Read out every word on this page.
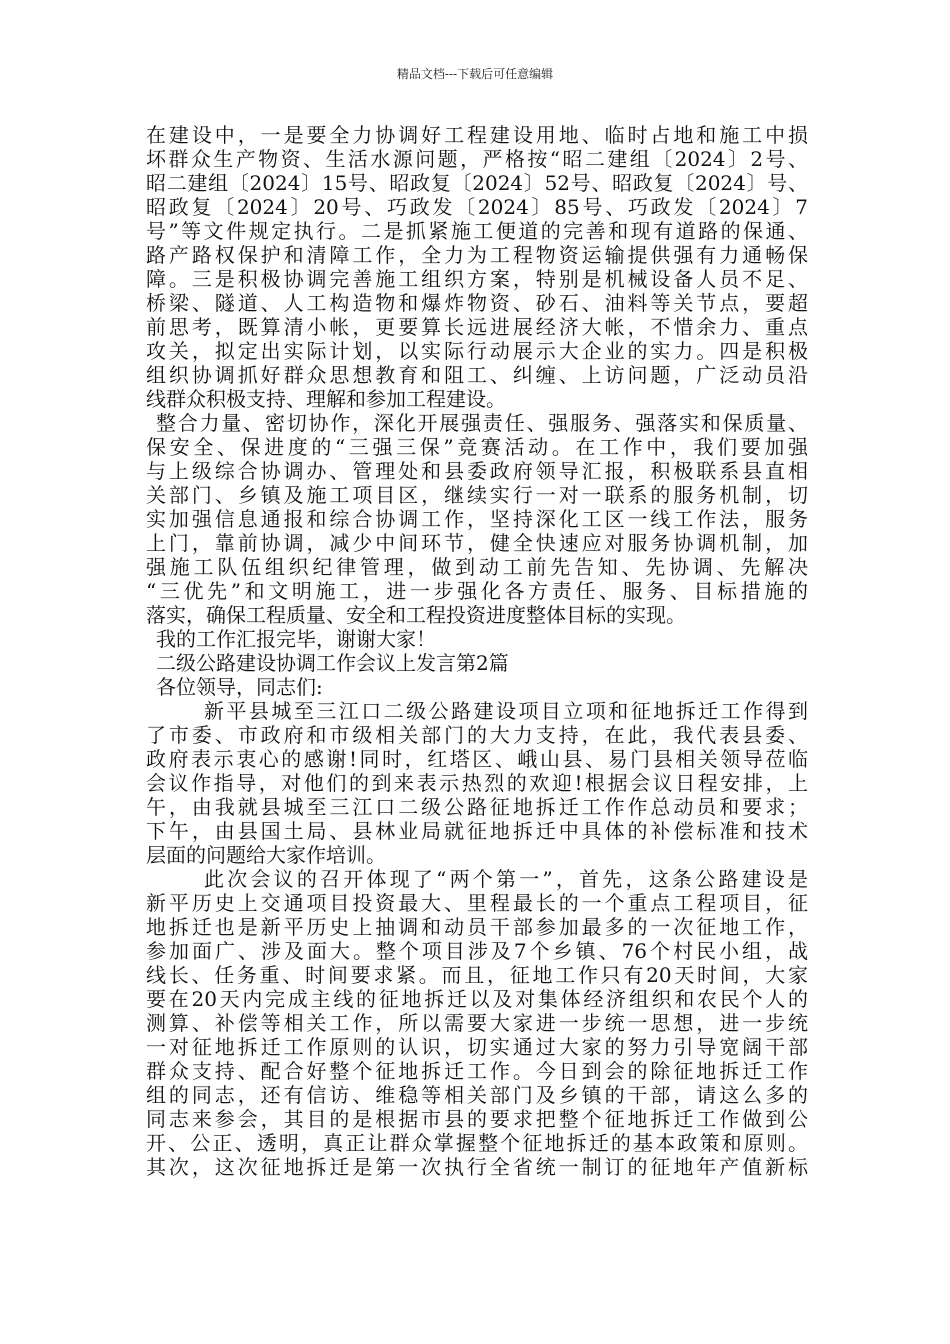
精品文档---下载后可任意编辑
在建设中，一是要全力协调好工程建设用地、临时占地和施工中损
坏群众生产物资、生活水源问题，严格按“昭二建组〔2024〕2号、
昭二建组〔2024〕15号、昭政复〔2024〕52号、昭政复〔2024〕号、
昭政复〔2024〕20号、巧政发〔2024〕85号、巧政发〔2024〕7
号”等文件规定执行。二是抓紧施工便道的完善和现有道路的保通、
路产路权保护和清障工作，全力为工程物资运输提供强有力通畅保
障。三是积极协调完善施工组织方案，特别是机械设备人员不足、
桥梁、隧道、人工构造物和爆炸物资、砂石、油料等关节点，要超
前思考，既算清小帐，更要算长远进展经济大帐，不惜余力、重点
攻关，拟定出实际计划，以实际行动展示大企业的实力。四是积极
组织协调抓好群众思想教育和阻工、纠缠、上访问题，广泛动员沿
线群众积极支持、理解和参加工程建设。
整合力量、密切协作，深化开展强责任、强服务、强落实和保质量、
保安全、保进度的“三强三保”竞赛活动。在工作中，我们要加强
与上级综合协调办、管理处和县委政府领导汇报，积极联系县直相
关部门、乡镇及施工项目区，继续实行一对一联系的服务机制，切
实加强信息通报和综合协调工作，坚持深化工区一线工作法，服务
上门，靠前协调，减少中间环节，健全快速应对服务协调机制，加
强施工队伍组织纪律管理，做到动工前先告知、先协调、先解决
“三优先”和文明施工，进一步强化各方责任、服务、目标措施的
落实，确保工程质量、安全和工程投资进度整体目标的实现。
我的工作汇报完毕，谢谢大家！
二级公路建设协调工作会议上发言第2篇
各位领导，同志们:
新平县城至三江口二级公路建设项目立项和征地拆迁工作得到
了市委、市政府和市级相关部门的大力支持，在此，我代表县委、
政府表示衷心的感谢!同时，红塔区、峨山县、易门县相关领导莅临
会议作指导，对他们的到来表示热烈的欢迎!根据会议日程安排，上
午，由我就县城至三江口二级公路征地拆迁工作作总动员和要求；
下午，由县国土局、县林业局就征地拆迁中具体的补偿标准和技术
层面的问题给大家作培训。
此次会议的召开体现了“两个第一”，首先，这条公路建设是
新平历史上交通项目投资最大、里程最长的一个重点工程项目，征
地拆迁也是新平历史上抽调和动员干部参加最多的一次征地工作，
参加面广、涉及面大。整个项目涉及7个乡镇、76个村民小组，战
线长、任务重、时间要求紧。而且，征地工作只有20天时间，大家
要在20天内完成主线的征地拆迁以及对集体经济组织和农民个人的
测算、补偿等相关工作，所以需要大家进一步统一思想，进一步统
一对征地拆迁工作原则的认识，切实通过大家的努力引导宽阔干部
群众支持、配合好整个征地拆迁工作。今日到会的除征地拆迁工作
组的同志，还有信访、维稳等相关部门及乡镇的干部，请这么多的
同志来参会，其目的是根据市县的要求把整个征地拆迁工作做到公
开、公正、透明，真正让群众掌握整个征地拆迁的基本政策和原则。
其次，这次征地拆迁是第一次执行全省统一制订的征地年产值新标
